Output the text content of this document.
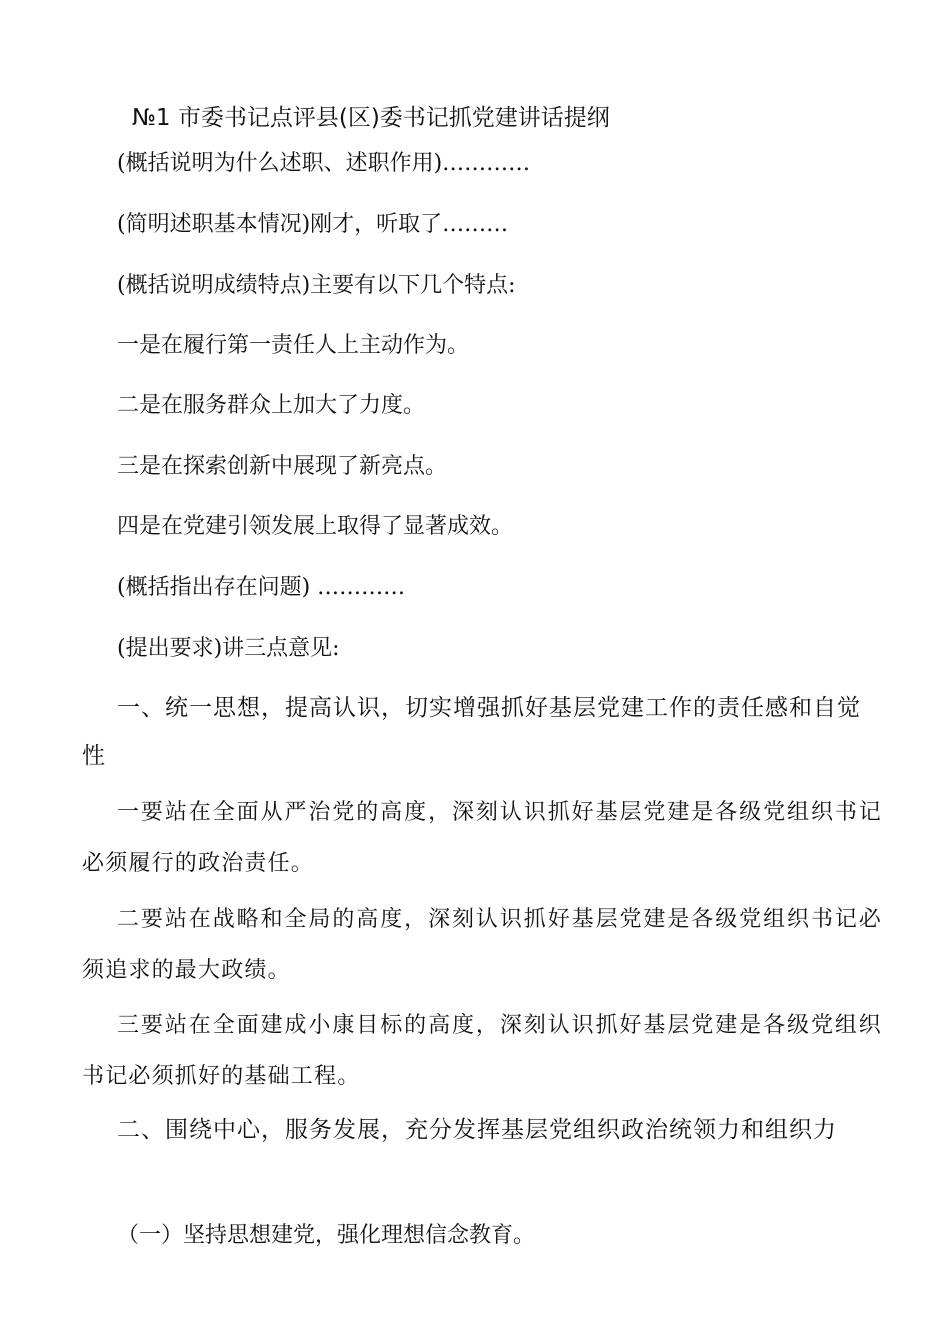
№1 市委书记点评县(区)委书记抓党建讲话提纲
(概括说明为什么述职、述职作用)…………
(简明述职基本情况)刚才，听取了………
(概括说明成绩特点)主要有以下几个特点:
一是在履行第一责任人上主动作为。
二是在服务群众上加大了力度。
三是在探索创新中展现了新亮点。
四是在党建引领发展上取得了显著成效。
(概括指出存在问题) …………
(提出要求)讲三点意见:
一、统一思想，提高认识，切实增强抓好基层党建工作的责任感和自觉性
一要站在全面从严治党的高度，深刻认识抓好基层党建是各级党组织书记必须履行的政治责任。
二要站在战略和全局的高度，深刻认识抓好基层党建是各级党组织书记必须追求的最大政绩。
三要站在全面建成小康目标的高度，深刻认识抓好基层党建是各级党组织书记必须抓好的基础工程。
二、围绕中心，服务发展，充分发挥基层党组织政治统领力和组织力
（一）坚持思想建党，强化理想信念教育。
